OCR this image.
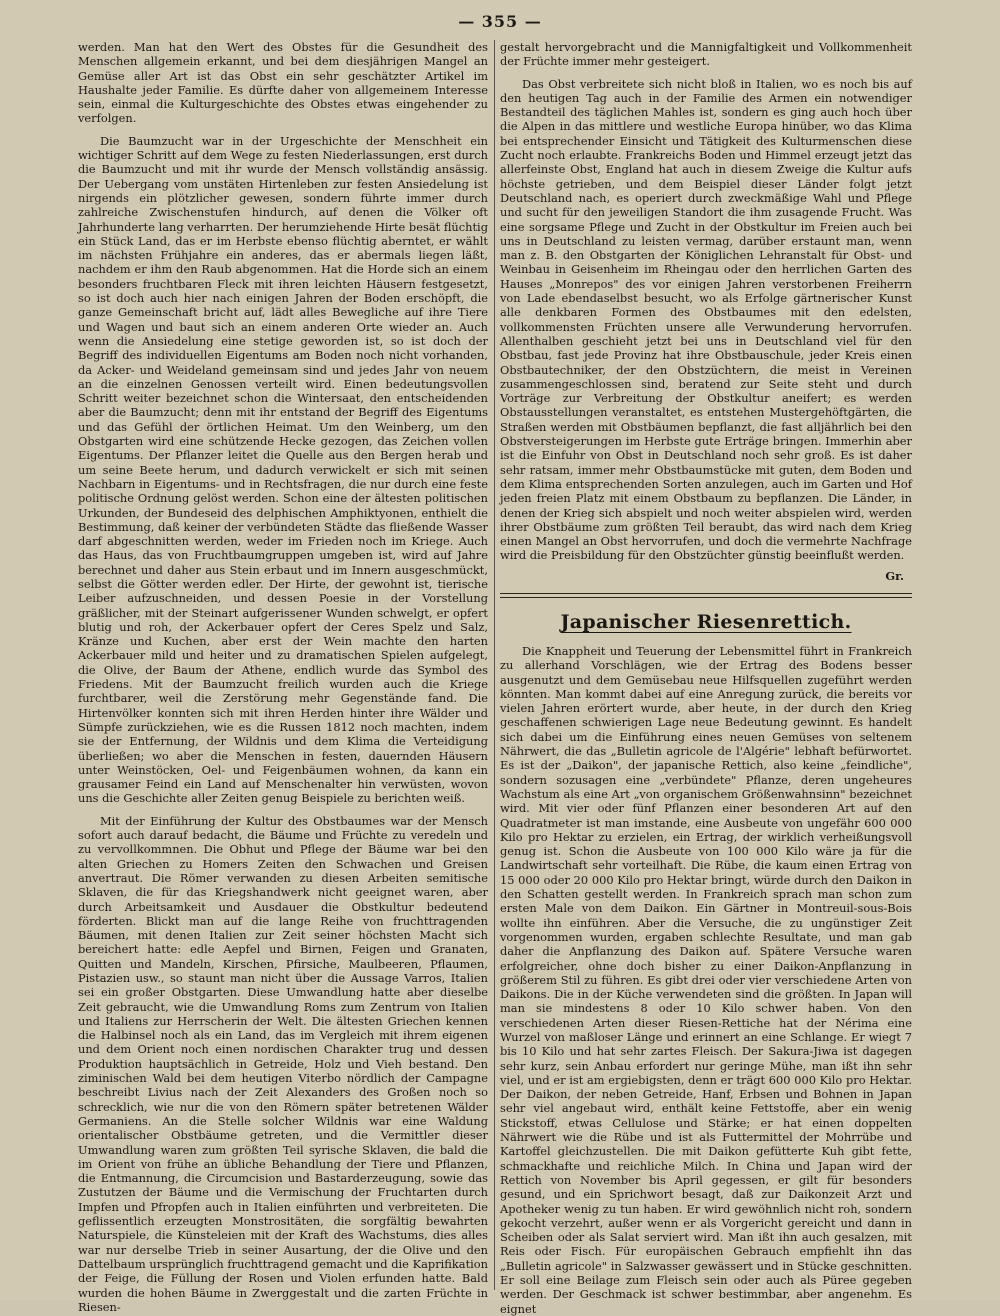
— 355 —

werden. Man hat den Wert des Obstes für die Gesundheit des Menschen allgemein erkannt, und bei dem diesjährigen Mangel an Gemüse aller Art ist das Obst ein sehr geschätzter Artikel im Haushalte jeder Familie. Es dürfte daher von allgemeinem Interesse sein, einmal die Kulturgeschichte des Obstes etwas eingehender zu verfolgen.

Die Baumzucht war in der Urgeschichte der Menschheit ein wichtiger Schritt auf dem Wege zu festen Niederlassungen, erst durch die Baumzucht und mit ihr wurde der Mensch vollständig ansässig. Der Uebergang vom unstäten Hirtenleben zur festen Ansiedelung ist nirgends ein plötzlicher gewesen, sondern führte immer durch zahlreiche Zwischenstufen hindurch, auf denen die Völker oft Jahrhunderte lang verharrten. Der herumziehende Hirte besät flüchtig ein Stück Land, das er im Herbste ebenso flüchtig aberntet, er wählt im nächsten Frühjahre ein anderes, das er abermals liegen läßt, nachdem er ihm den Raub abgenommen. Hat die Horde sich an einem besonders fruchtbaren Fleck mit ihren leichten Häusern festgesetzt, so ist doch auch hier nach einigen Jahren der Boden erschöpft, die ganze Gemeinschaft bricht auf, lädt alles Bewegliche auf ihre Tiere und Wagen und baut sich an einem anderen Orte wieder an. Auch wenn die Ansiedelung eine stetige geworden ist, so ist doch der Begriff des individuellen Eigentums am Boden noch nicht vorhanden, da Acker- und Weideland gemeinsam sind und jedes Jahr von neuem an die einzelnen Genossen verteilt wird. Einen bedeutungsvollen Schritt weiter bezeichnet schon die Wintersaat, den entscheidenden aber die Baumzucht; denn mit ihr entstand der Begriff des Eigentums und das Gefühl der örtlichen Heimat. Um den Weinberg, um den Obstgarten wird eine schützende Hecke gezogen, das Zeichen vollen Eigentums. Der Pflanzer leitet die Quelle aus den Bergen herab und um seine Beete herum, und dadurch verwickelt er sich mit seinen Nachbarn in Eigentums- und in Rechtsfragen, die nur durch eine feste politische Ordnung gelöst werden. Schon eine der ältesten politischen Urkunden, der Bundeseid des delphischen Amphiktyonen, enthielt die Bestimmung, daß keiner der verbündeten Städte das fließende Wasser darf abgeschnitten werden, weder im Frieden noch im Kriege. Auch das Haus, das von Fruchtbaumgruppen umgeben ist, wird auf Jahre berechnet und daher aus Stein erbaut und im Innern ausgeschmückt, selbst die Götter werden edler. Der Hirte, der gewohnt ist, tierische Leiber aufzuschneiden, und dessen Poesie in der Vorstellung gräßlicher, mit der Steinart aufgerissener Wunden schwelgt, er opfert blutig und roh, der Ackerbauer opfert der Ceres Spelz und Salz, Kränze und Kuchen, aber erst der Wein machte den harten Ackerbauer mild und heiter und zu dramatischen Spielen aufgelegt, die Olive, der Baum der Athene, endlich wurde das Symbol des Friedens. Mit der Baumzucht freilich wurden auch die Kriege furchtbarer, weil die Zerstörung mehr Gegenstände fand. Die Hirtenvölker konnten sich mit ihren Herden hinter ihre Wälder und Sümpfe zurückziehen, wie es die Russen 1812 noch machten, indem sie der Entfernung, der Wildnis und dem Klima die Verteidigung überließen; wo aber die Menschen in festen, dauernden Häusern unter Weinstöcken, Oel- und Feigenbäumen wohnen, da kann ein grausamer Feind ein Land auf Menschenalter hin verwüsten, wovon uns die Geschichte aller Zeiten genug Beispiele zu berichten weiß.

Mit der Einführung der Kultur des Obstbaumes war der Mensch sofort auch darauf bedacht, die Bäume und Früchte zu veredeln und zu vervollkommnen. Die Obhut und Pflege der Bäume war bei den alten Griechen zu Homers Zeiten den Schwachen und Greisen anvertraut. Die Römer verwanden zu diesen Arbeiten semitische Sklaven, die für das Kriegshandwerk nicht geeignet waren, aber durch Arbeitsamkeit und Ausdauer die Obstkultur bedeutend förderten. Blickt man auf die lange Reihe von fruchttragenden Bäumen, mit denen Italien zur Zeit seiner höchsten Macht sich bereichert hatte: edle Aepfel und Birnen, Feigen und Granaten, Quitten und Mandeln, Kirschen, Pfirsiche, Maulbeeren, Pflaumen, Pistazien usw., so staunt man nicht über die Aussage Varros, Italien sei ein großer Obstgarten. Diese Umwandlung hatte aber dieselbe Zeit gebraucht, wie die Umwandlung Roms zum Zentrum von Italien und Italiens zur Herrscherin der Welt. Die ältesten Griechen kennen die Halbinsel noch als ein Land, das im Vergleich mit ihrem eigenen und dem Orient noch einen nordischen Charakter trug und dessen Produktion hauptsächlich in Getreide, Holz und Vieh bestand. Den ziminischen Wald bei dem heutigen Viterbo nördlich der Campagne beschreibt Livius nach der Zeit Alexanders des Großen noch so schrecklich, wie nur die von den Römern später betretenen Wälder Germaniens. An die Stelle solcher Wildnis war eine Waldung orientalischer Obstbäume getreten, und die Vermittler dieser Umwandlung waren zum größten Teil syrische Sklaven, die bald die im Orient von frühe an übliche Behandlung der Tiere und Pflanzen, die Entmannung, die Circumcision und Bastarderzeugung, sowie das Zustutzen der Bäume und die Vermischung der Fruchtarten durch Impfen und Pfropfen auch in Italien einführten und verbreiteten. Die geflissentlich erzeugten Monstrositäten, die sorgfältig bewahrten Naturspiele, die Künsteleien mit der Kraft des Wachstums, dies alles war nur derselbe Trieb in seiner Ausartung, der die Olive und den Dattelbaum ursprünglich fruchttragend gemacht und die Kaprifikation der Feige, die Füllung der Rosen und Violen erfunden hatte. Bald wurden die hohen Bäume in Zwerggestalt und die zarten Früchte in Riesen-

gestalt hervorgebracht und die Mannigfaltigkeit und Vollkommenheit der Früchte immer mehr gesteigert.

Das Obst verbreitete sich nicht bloß in Italien, wo es noch bis auf den heutigen Tag auch in der Familie des Armen ein notwendiger Bestandteil des täglichen Mahles ist, sondern es ging auch hoch über die Alpen in das mittlere und westliche Europa hinüber, wo das Klima bei entsprechender Einsicht und Tätigkeit des Kulturmenschen diese Zucht noch erlaubte. Frankreichs Boden und Himmel erzeugt jetzt das allerfeinste Obst, England hat auch in diesem Zweige die Kultur aufs höchste getrieben, und dem Beispiel dieser Länder folgt jetzt Deutschland nach, es operiert durch zweckmäßige Wahl und Pflege und sucht für den jeweiligen Standort die ihm zusagende Frucht. Was eine sorgsame Pflege und Zucht in der Obstkultur im Freien auch bei uns in Deutschland zu leisten vermag, darüber erstaunt man, wenn man z. B. den Obstgarten der Königlichen Lehranstalt für Obst- und Weinbau in Geisenheim im Rheingau oder den herrlichen Garten des Hauses „Monrepos" des vor einigen Jahren verstorbenen Freiherrn von Lade ebendaselbst besucht, wo als Erfolge gärtnerischer Kunst alle denkbaren Formen des Obstbaumes mit den edelsten, vollkommensten Früchten unsere alle Verwunderung hervorrufen. Allenthalben geschieht jetzt bei uns in Deutschland viel für den Obstbau, fast jede Provinz hat ihre Obstbauschule, jeder Kreis einen Obstbautechniker, der den Obstzüchtern, die meist in Vereinen zusammengeschlossen sind, beratend zur Seite steht und durch Vorträge zur Verbreitung der Obstkultur aneifert; es werden Obstausstellungen veranstaltet, es entstehen Mustergehöftgärten, die Straßen werden mit Obstbäumen bepflanzt, die fast alljährlich bei den Obstversteigerungen im Herbste gute Erträge bringen. Immerhin aber ist die Einfuhr von Obst in Deutschland noch sehr groß. Es ist daher sehr ratsam, immer mehr Obstbaumstücke mit guten, dem Boden und dem Klima entsprechenden Sorten anzulegen, auch im Garten und Hof jeden freien Platz mit einem Obstbaum zu bepflanzen. Die Länder, in denen der Krieg sich abspielt und noch weiter abspielen wird, werden ihrer Obstbäume zum größten Teil beraubt, das wird nach dem Krieg einen Mangel an Obst hervorrufen, und doch die vermehrte Nachfrage wird die Preisbildung für den Obstzüchter günstig beeinflußt werden.

Gr.
Japanischer Riesenrettich.

Die Knappheit und Teuerung der Lebensmittel führt in Frankreich zu allerhand Vorschlägen, wie der Ertrag des Bodens besser ausgenutzt und dem Gemüsebau neue Hilfsquellen zugeführt werden könnten. Man kommt dabei auf eine Anregung zurück, die bereits vor vielen Jahren erörtert wurde, aber heute, in der durch den Krieg geschaffenen schwierigen Lage neue Bedeutung gewinnt. Es handelt sich dabei um die Einführung eines neuen Gemüses von seltenem Nährwert, die das „Bulletin agricole de l'Algérie" lebhaft befürwortet. Es ist der „Daikon", der japanische Rettich, also keine „feindliche", sondern sozusagen eine „verbündete" Pflanze, deren ungeheures Wachstum als eine Art „von organischem Größenwahnsinn" bezeichnet wird. Mit vier oder fünf Pflanzen einer besonderen Art auf den Quadratmeter ist man imstande, eine Ausbeute von ungefähr 600 000 Kilo pro Hektar zu erzielen, ein Ertrag, der wirklich verheißungsvoll genug ist. Schon die Ausbeute von 100 000 Kilo wäre ja für die Landwirtschaft sehr vorteilhaft. Die Rübe, die kaum einen Ertrag von 15 000 oder 20 000 Kilo pro Hektar bringt, würde durch den Daikon in den Schatten gestellt werden. In Frankreich sprach man schon zum ersten Male von dem Daikon. Ein Gärtner in Montreuil-sous-Bois wollte ihn einführen. Aber die Versuche, die zu ungünstiger Zeit vorgenommen wurden, ergaben schlechte Resultate, und man gab daher die Anpflanzung des Daikon auf. Spätere Versuche waren erfolgreicher, ohne doch bisher zu einer Daikon-Anpflanzung in größerem Stil zu führen. Es gibt drei oder vier verschiedene Arten von Daikons. Die in der Küche verwendeten sind die größten. In Japan will man sie mindestens 8 oder 10 Kilo schwer haben. Von den verschiedenen Arten dieser Riesen-Rettiche hat der Nérima eine Wurzel von maßloser Länge und erinnert an eine Schlange. Er wiegt 7 bis 10 Kilo und hat sehr zartes Fleisch. Der Sakura-Jiwa ist dagegen sehr kurz, sein Anbau erfordert nur geringe Mühe, man ißt ihn sehr viel, und er ist am ergiebigsten, denn er trägt 600 000 Kilo pro Hektar. Der Daikon, der neben Getreide, Hanf, Erbsen und Bohnen in Japan sehr viel angebaut wird, enthält keine Fettstoffe, aber ein wenig Stickstoff, etwas Cellulose und Stärke; er hat einen doppelten Nährwert wie die Rübe und ist als Futtermittel der Mohrrübe und Kartoffel gleichzustellen. Die mit Daikon gefütterte Kuh gibt fette, schmackhafte und reichliche Milch. In China und Japan wird der Rettich von November bis April gegessen, er gilt für besonders gesund, und ein Sprichwort besagt, daß zur Daikonzeit Arzt und Apotheker wenig zu tun haben. Er wird gewöhnlich nicht roh, sondern gekocht verzehrt, außer wenn er als Vorgericht gereicht und dann in Scheiben oder als Salat serviert wird. Man ißt ihn auch gesalzen, mit Reis oder Fisch. Für europäischen Gebrauch empfiehlt ihn das „Bulletin agricole" in Salzwasser gewässert und in Stücke geschnitten. Er soll eine Beilage zum Fleisch sein oder auch als Püree gegeben werden. Der Geschmack ist schwer bestimmbar, aber angenehm. Es eignet
